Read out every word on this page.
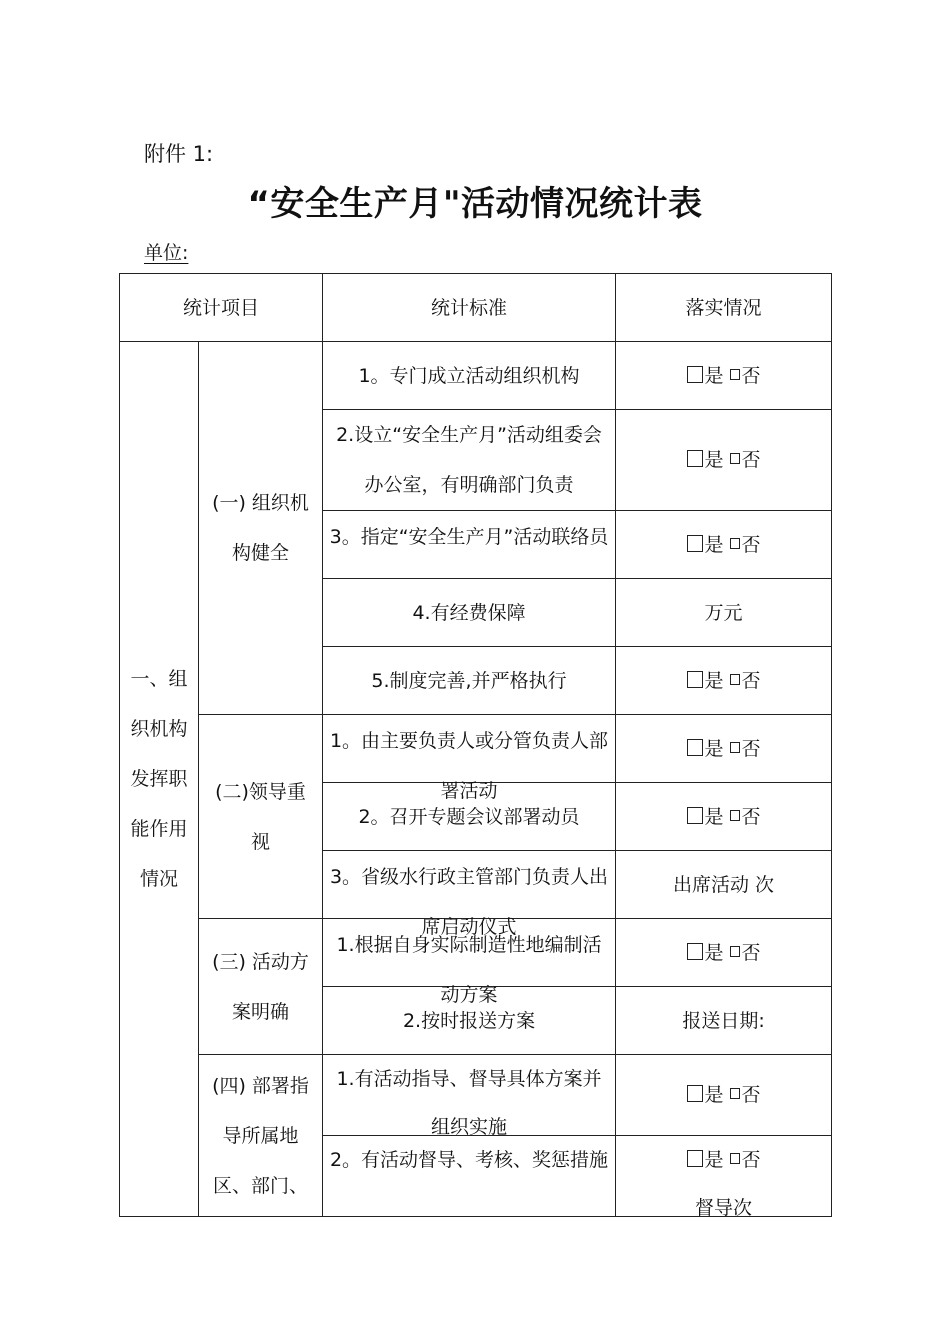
附件 1:
“安全生产月"活动情况统计表
单位:
统计项目		统计标准	落实情况

一、组织机构发挥职能作用情况	(一) 组织机构健全	1。专门成立活动组织机构	是 否

		2.设立“安全生产月”活动组委会办公室，有明确部门负责	是 否

		3。指定“安全生产月”活动联络员	是 否

		4.有经费保障	万元

		5.制度完善,并严格执行	是 否

	(二)领导重视	1。由主要负责人或分管负责人部署活动	是 否

		2。召开专题会议部署动员	是 否

		3。省级水行政主管部门负责人出席启动仪式	出席活动 次

	(三) 活动方案明确	1.根据自身实际制造性地编制活动方案	是 否

		2.按时报送方案	报送日期:

	(四) 部署指导所属地区、部门、	1.有活动指导、督导具体方案并组织实施	是 否

		2。有活动督导、考核、奖惩措施	是 否
督导次
